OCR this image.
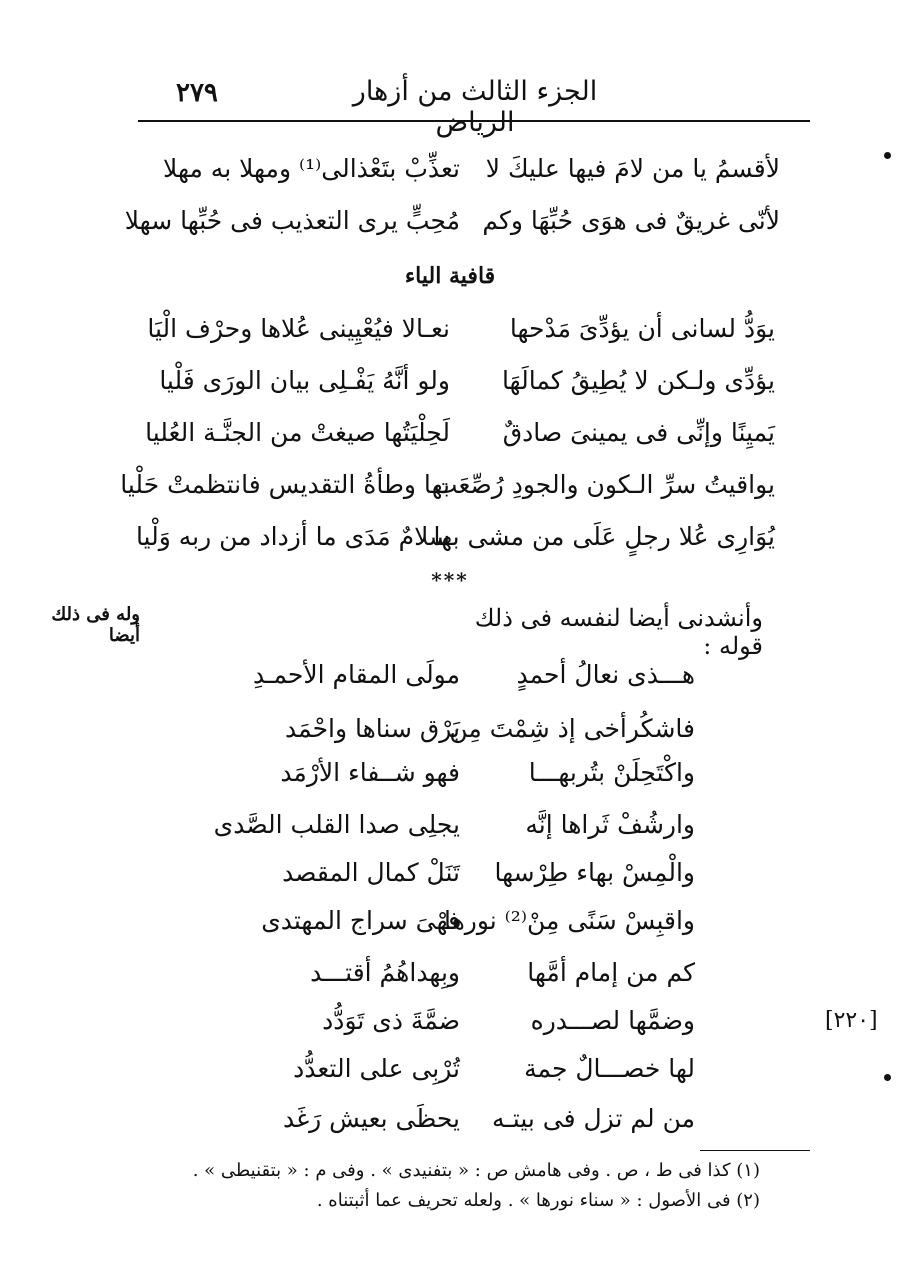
٢٧٩	الجزء الثالث من أزهار الرياض
لأقسمُ يا من لامَ فيها عليكَ لا
تعذِّبْ بتَعْذالى⁽¹⁾ ومهلا به مهلا
لأنّى غريقٌ فى هوَى حُبِّهَا وكم
مُحِبٍّ يرى التعذيب فى حُبِّها سهلا
قافية الياء
يوَدُّ لسانى أن يؤدِّىَ مَدْحها
نعـالا فيُعْيِينى عُلاها وحرْف الْيَا
يؤدِّى ولـكن لا يُطِيقُ كمالَهَا
ولو أنَّهُ يَفْـلِى بيان الورَى فَلْيا
يَميِنًا وإنِّى فى يمينىَ صادقٌ
لَحِلْيَتُها صيغتْ من الجنَّـة العُليا
يواقيتُ سرِّ الـكون والجودِ رُصِّعَت
بها وطأةُ التقديس فانتظمتْ حَلْيا
يُوَارِى عُلا رجلٍ عَلَى من مشى بها
سلامٌ مَدَى ما أزداد من ربه وَلْيا
***
وأنشدنى أيضا لنفسه فى ذلك قوله :
وله فى ذلك أيضا
[٢٢٠]
هـــذى نعالُ أحمدٍ
مولَى المقام الأحمـدِ
فاشكُرأخى إذ شِمْتَ مِن
بَرْق سناها واحْمَد
واكْتَحِلَنْ بتُربهـــا
فهو شــفاء الأرْمَد
وارشُفْ ثَراها إنَّه
يجلِى صدا القلب الصَّدى
والْمِسْ بهاء طِرْسها
تَنَلْ كمال المقصد
واقبِسْ سَنًى مِنْ⁽²⁾ نورها
فهْىَ سراج المهتدى
كم من إمام أمَّها
وبِهداهُمُ أقتـــد
وضمَّها لصـــدره
ضمَّةَ ذى تَوَدُّد
لها خصـــالٌ جمة
تُرْبِى على التعدُّد
من لم تزل فى بيتـه
يحظَى بعيش رَغَد
(١) كذا فى ط ، ص . وفى هامش ص : « بتفنيدى » . وفى م : « بتقنيطى » .
(٢) فى الأصول : « سناء نورها » . ولعله تحريف عما أثبتناه .
